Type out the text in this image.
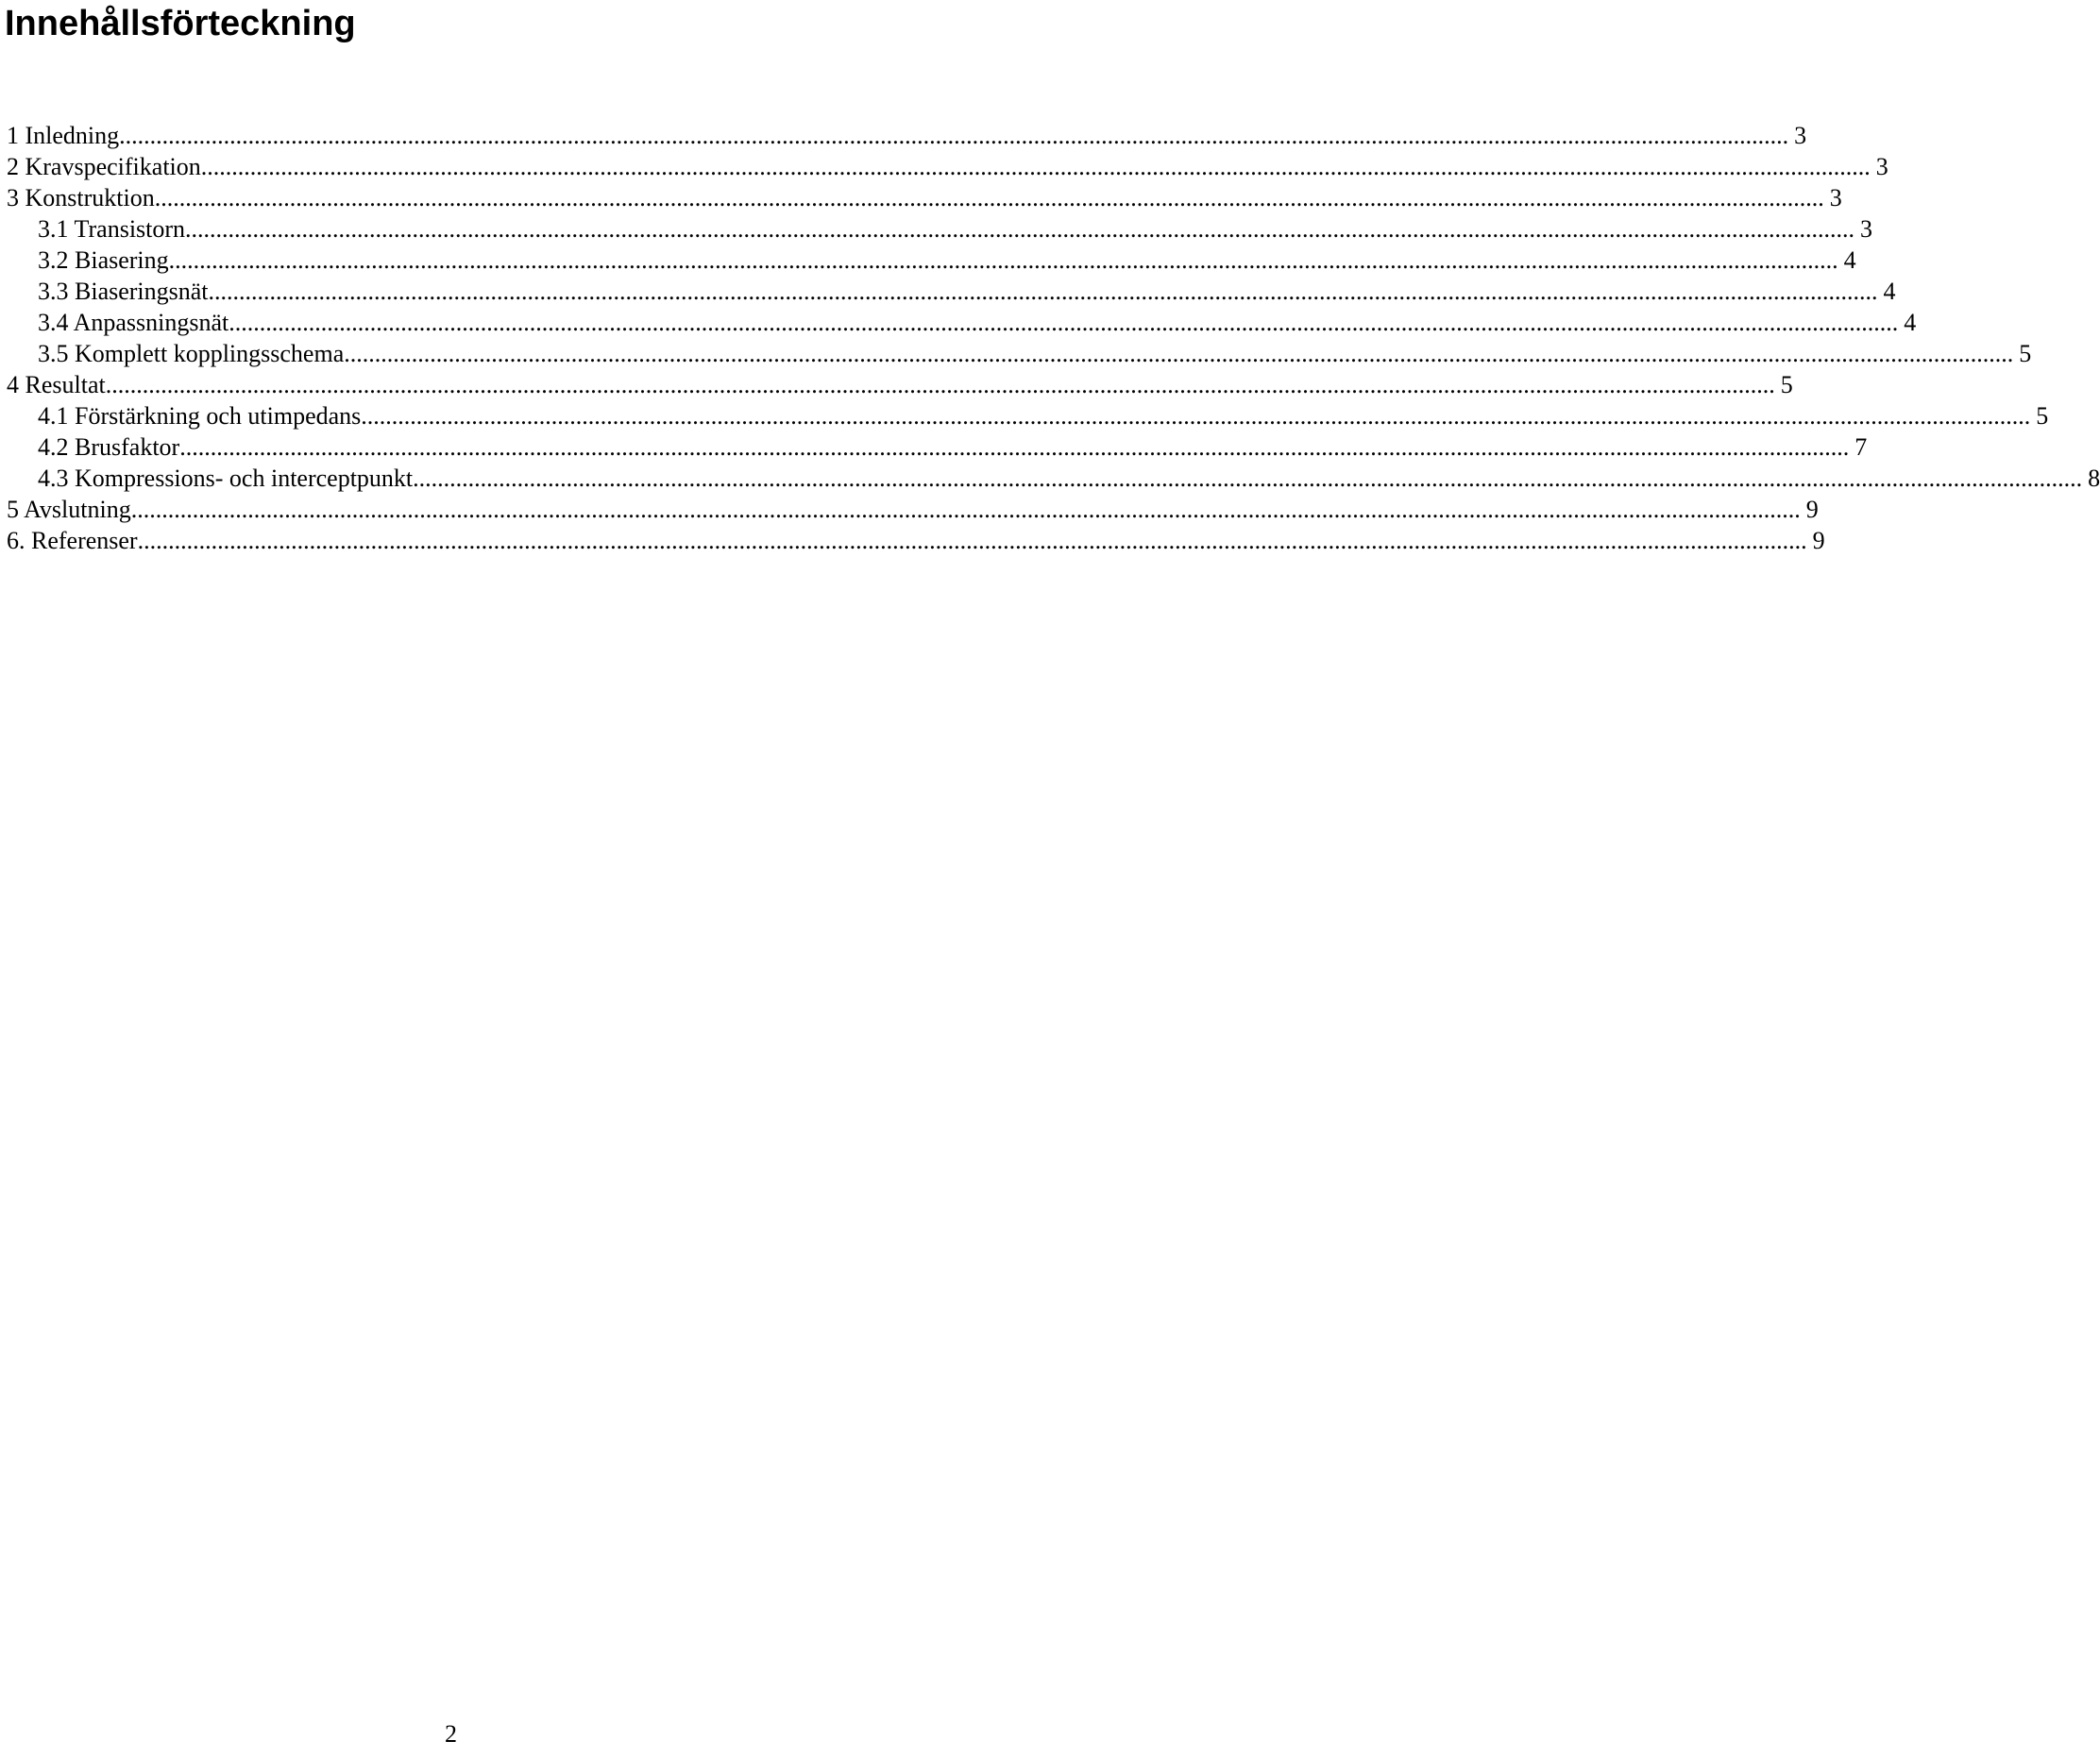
Innehållsförteckning
1 Inledning .....	3
2 Kravspecifikation .....	3
3 Konstruktion .....	3
3.1 Transistorn .....	3
3.2 Biasering .....	4
3.3 Biaseringsnät .....	4
3.4 Anpassningsnät .....	4
3.5 Komplett kopplingsschema .....	5
4 Resultat .....	5
4.1 Förstärkning och utimpedans .....	5
4.2 Brusfaktor .....	7
4.3 Kompressions- och interceptpunkt .....	8
5 Avslutning .....	9
6. Referenser .....	9
2
